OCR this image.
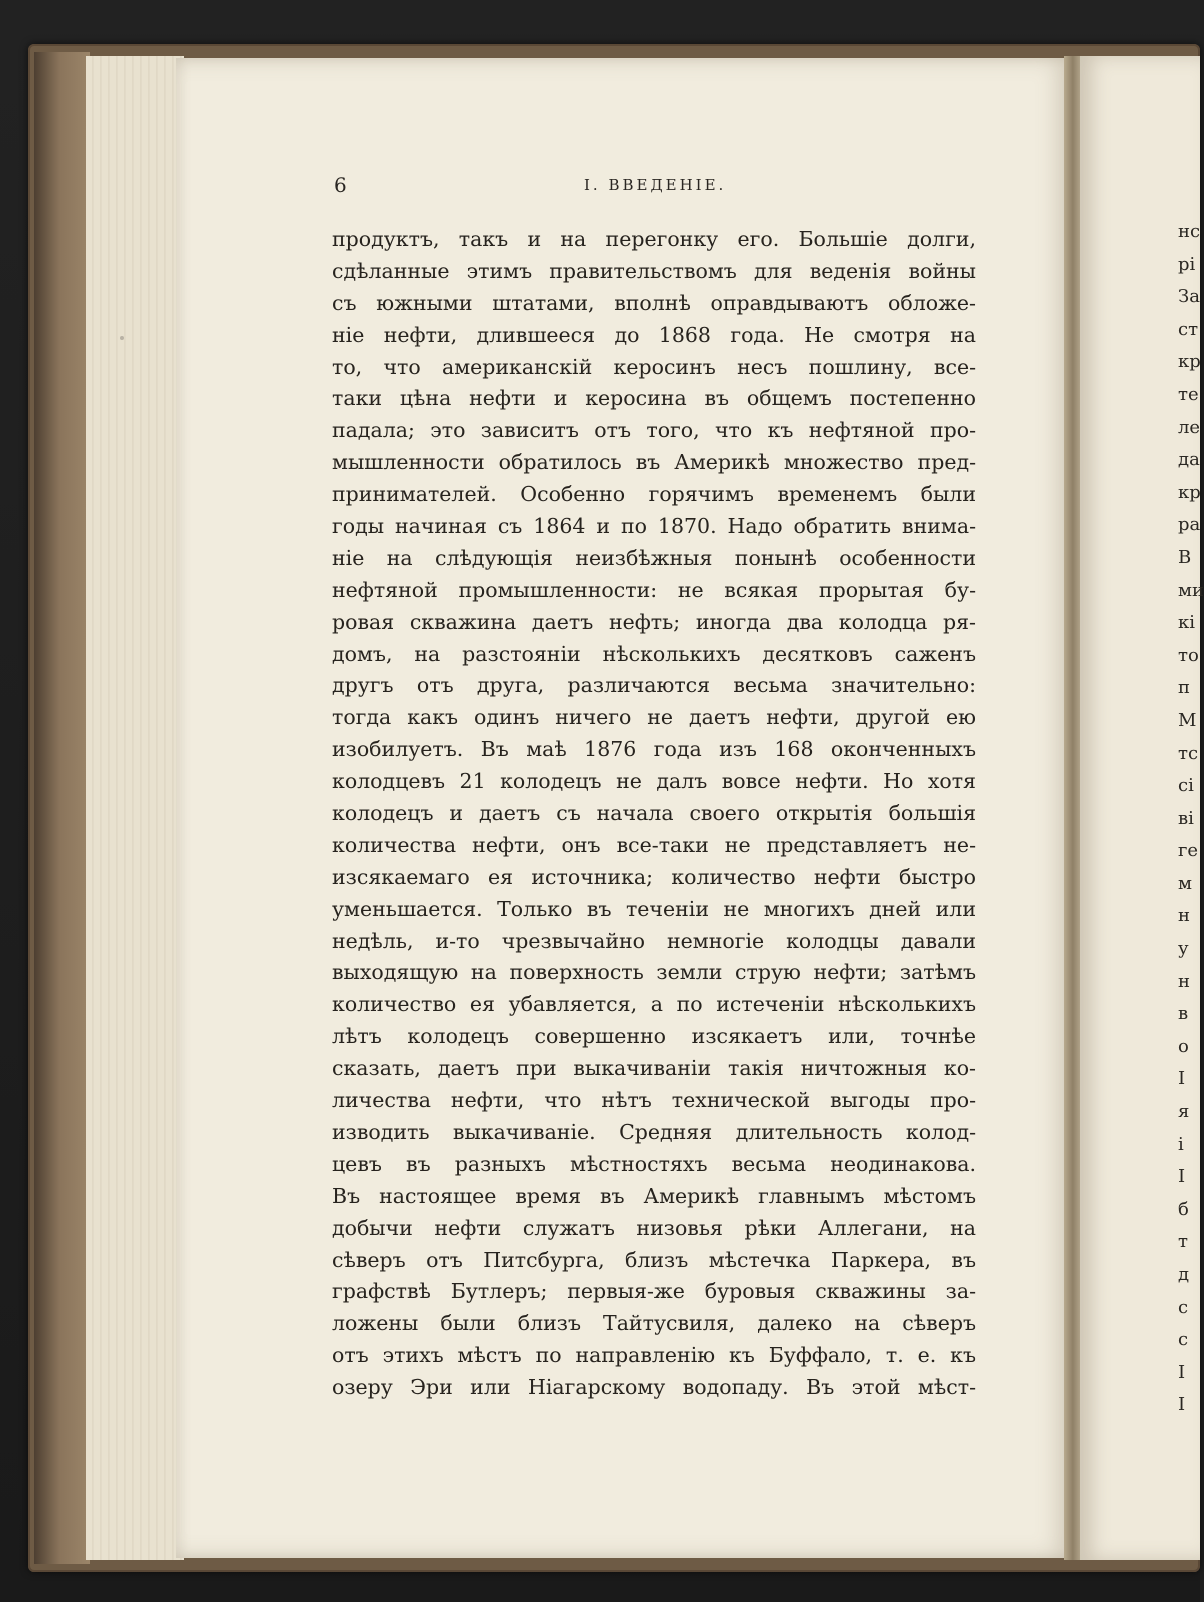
нс
рі
За
ст
кр
те
ле
да
кр
ра
В
ми
кі
то
п
М
тс
сі
ві
ге
м
н
у
н
в
о
I
я
i
I
б
т
д
с
с
I
I
6	I. ВВЕДЕНІЕ.
продуктъ, такъ и на перегонку его. Большіе долги,
сдѣланные этимъ правительствомъ для веденія войны
съ южными штатами, вполнѣ оправдываютъ обложе-
ніе нефти, длившееся до 1868 года. Не смотря на
то, что американскій керосинъ несъ пошлину, все-
таки цѣна нефти и керосина въ общемъ постепенно
падала; это зависитъ отъ того, что къ нефтяной про-
мышленности обратилось въ Америкѣ множество пред-
принимателей. Особенно горячимъ временемъ были
годы начиная съ 1864 и по 1870. Надо обратить внима-
ніе на слѣдующія неизбѣжныя понынѣ особенности
нефтяной промышленности: не всякая прорытая бу-
ровая скважина даетъ нефть; иногда два колодца ря-
домъ, на разстояніи нѣсколькихъ десятковъ саженъ
другъ отъ друга, различаются весьма значительно:
тогда какъ одинъ ничего не даетъ нефти, другой ею
изобилуетъ. Въ маѣ 1876 года изъ 168 оконченныхъ
колодцевъ 21 колодецъ не далъ вовсе нефти. Но хотя
колодецъ и даетъ съ начала своего открытія большія
количества нефти, онъ все-таки не представляетъ не-
изсякаемаго ея источника; количество нефти быстро
уменьшается. Только въ теченіи не многихъ дней или
недѣль, и-то чрезвычайно немногіе колодцы давали
выходящую на поверхность земли струю нефти; затѣмъ
количество ея убавляется, а по истеченіи нѣсколькихъ
лѣтъ колодецъ совершенно изсякаетъ или, точнѣе
сказать, даетъ при выкачиваніи такія ничтожныя ко-
личества нефти, что нѣтъ технической выгоды про-
изводить выкачиваніе. Средняя длительность колод-
цевъ въ разныхъ мѣстностяхъ весьма неодинакова.
Въ настоящее время въ Америкѣ главнымъ мѣстомъ
добычи нефти служатъ низовья рѣки Аллегани, на
сѣверъ отъ Питсбурга, близъ мѣстечка Паркера, въ
графствѣ Бутлеръ; первыя-же буровыя скважины за-
ложены были близъ Тайтусвиля, далеко на сѣверъ
отъ этихъ мѣстъ по направленію къ Буффало, т. е. къ
озеру Эри или Ніагарскому водопаду. Въ этой мѣст-
